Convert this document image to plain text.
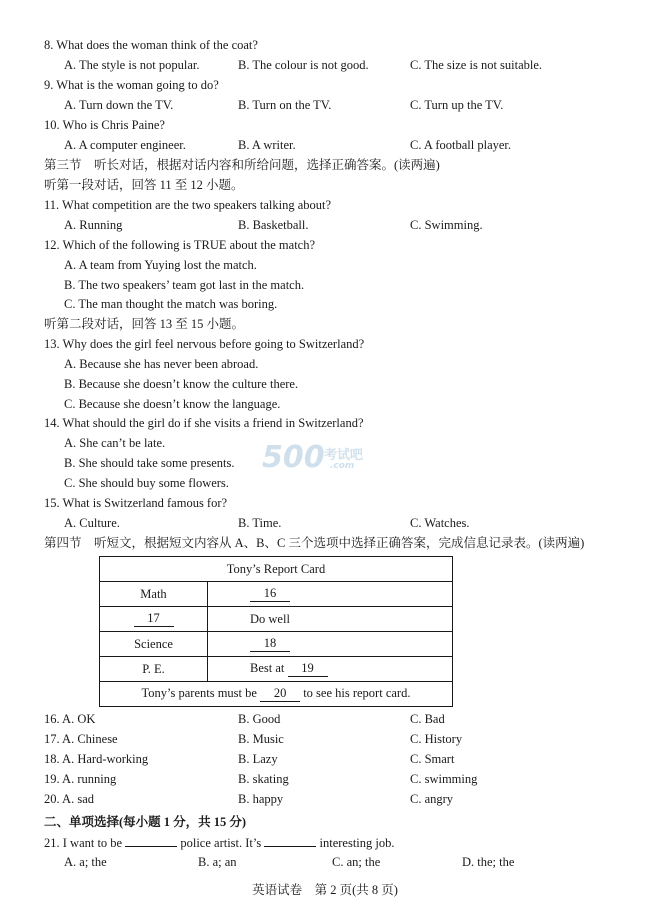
8. What does the woman think of the coat?
A. The style is not popular.	B. The colour is not good.	C. The size is not suitable.
9. What is the woman going to do?
A. Turn down the TV.	B. Turn on the TV.	C. Turn up the TV.
10. Who is Chris Paine?
A. A computer engineer.	B. A writer.	C. A football player.
第三节　听长对话，根据对话内容和所给问题，选择正确答案。(读两遍)
听第一段对话，回答 11 至 12 小题。
11. What competition are the two speakers talking about?
A. Running	B. Basketball.	C. Swimming.
12. Which of the following is TRUE about the match?
A. A team from Yuying lost the match.
B. The two speakers’ team got last in the match.
C. The man thought the match was boring.
听第二段对话，回答 13 至 15 小题。
13. Why does the girl feel nervous before going to Switzerland?
A. Because she has never been abroad.
B. Because she doesn’t know the culture there.
C. Because she doesn’t know the language.
14. What should the girl do if she visits a friend in Switzerland?
A. She can’t be late.
B. She should take some presents.
C. She should buy some flowers.
15. What is Switzerland famous for?
A. Culture.	B. Time.	C. Watches.
第四节　听短文，根据短文内容从 A、B、C 三个选项中选择正确答案，完成信息记录表。(读两遍)
16. A. OK	B. Good	C. Bad
17. A. Chinese	B. Music	C. History
18. A. Hard-working	B. Lazy	C. Smart
19. A. running	B. skating	C. swimming
20. A. sad	B. happy	C. angry
Tony’s Report Card	
Math	16
17	Do well
Science	18
P. E.	Best at 19
Tony’s parents must be 20 to see his report card.	
二、单项选择(每小题 1 分，共 15 分)
21. I want to be	police artist. It’s	interesting job.
A. a; the	B. a; an	C. an; the	D. the; the
英语试卷　第 2 页(共 8 页)
500 考试吧
.com
